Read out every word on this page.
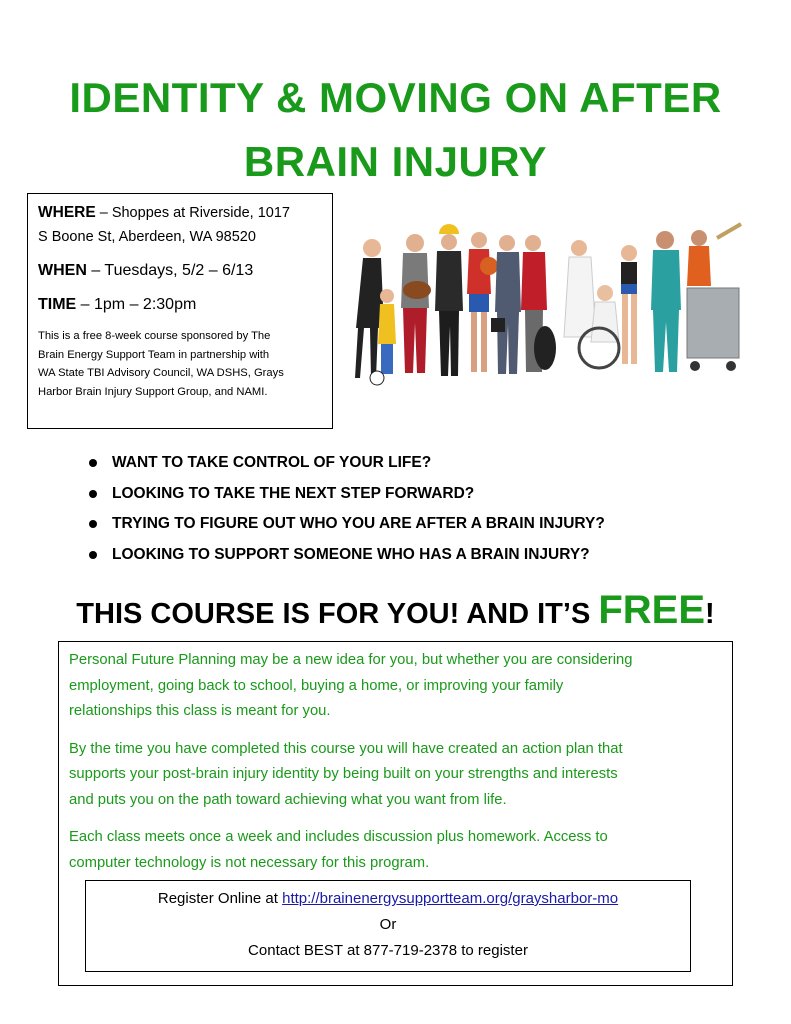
IDENTITY & MOVING ON AFTER
BRAIN INJURY
WHERE – Shoppes at Riverside, 1017
S Boone St, Aberdeen, WA 98520
WHEN – Tuesdays, 5/2 – 6/13
TIME – 1pm – 2:30pm
This is a free 8-week course sponsored by The
Brain Energy Support Team in partnership with
WA State TBI Advisory Council, WA DSHS, Grays
Harbor Brain Injury Support Group, and NAMI.
WANT TO TAKE CONTROL OF YOUR LIFE?
LOOKING TO TAKE THE NEXT STEP FORWARD?
TRYING TO FIGURE OUT WHO YOU ARE AFTER A BRAIN INJURY?
LOOKING TO SUPPORT SOMEONE WHO HAS A BRAIN INJURY?
THIS COURSE IS FOR YOU! AND IT’S FREE!
Personal Future Planning may be a new idea for you, but whether you are considering
employment, going back to school, buying a home, or improving your family
relationships this class is meant for you.
By the time you have completed this course you will have created an action plan that
supports your post-brain injury identity by being built on your strengths and interests
and puts you on the path toward achieving what you want from life.
Each class meets once a week and includes discussion plus homework. Access to
computer technology is not necessary for this program.
Register Online at http://brainenergysupportteam.org/graysharbor-mo
Or
Contact BEST at 877-719-2378 to register
